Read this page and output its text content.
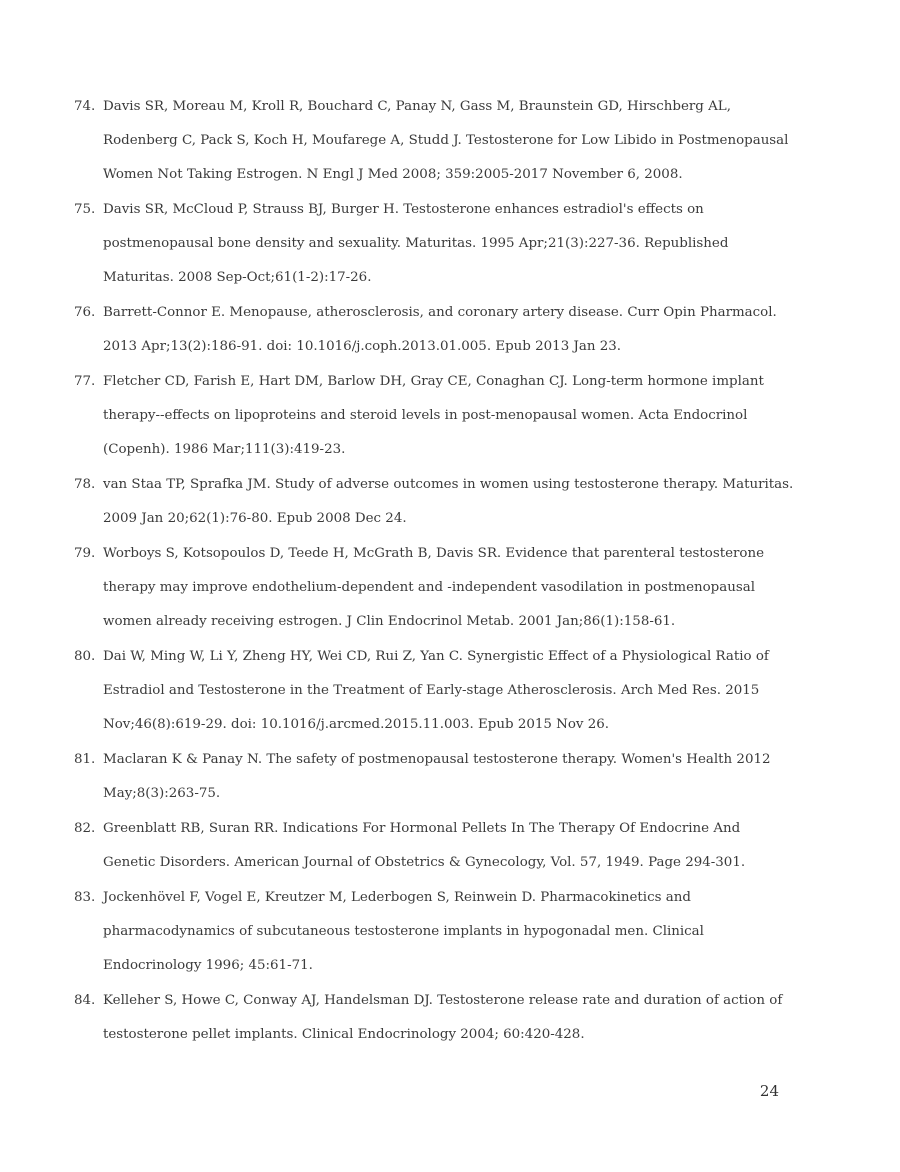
74. Davis SR, Moreau M, Kroll R, Bouchard C, Panay N, Gass M, Braunstein GD, Hirschberg AL, Rodenberg C, Pack S, Koch H, Moufarege A, Studd J. Testosterone for Low Libido in Postmenopausal Women Not Taking Estrogen. N Engl J Med 2008; 359:2005-2017 November 6, 2008.
75. Davis SR, McCloud P, Strauss BJ, Burger H. Testosterone enhances estradiol's effects on postmenopausal bone density and sexuality. Maturitas. 1995 Apr;21(3):227-36. Republished Maturitas. 2008 Sep-Oct;61(1-2):17-26.
76. Barrett-Connor E. Menopause, atherosclerosis, and coronary artery disease. Curr Opin Pharmacol. 2013 Apr;13(2):186-91. doi: 10.1016/j.coph.2013.01.005. Epub 2013 Jan 23.
77. Fletcher CD, Farish E, Hart DM, Barlow DH, Gray CE, Conaghan CJ. Long-term hormone implant therapy--effects on lipoproteins and steroid levels in post-menopausal women. Acta Endocrinol (Copenh). 1986 Mar;111(3):419-23.
78. van Staa TP, Sprafka JM. Study of adverse outcomes in women using testosterone therapy. Maturitas. 2009 Jan 20;62(1):76-80. Epub 2008 Dec 24.
79. Worboys S, Kotsopoulos D, Teede H, McGrath B, Davis SR. Evidence that parenteral testosterone therapy may improve endothelium-dependent and -independent vasodilation in postmenopausal women already receiving estrogen. J Clin Endocrinol Metab. 2001 Jan;86(1):158-61.
80. Dai W, Ming W, Li Y, Zheng HY, Wei CD, Rui Z, Yan C. Synergistic Effect of a Physiological Ratio of Estradiol and Testosterone in the Treatment of Early-stage Atherosclerosis. Arch Med Res. 2015 Nov;46(8):619-29. doi: 10.1016/j.arcmed.2015.11.003. Epub 2015 Nov 26.
81. Maclaran K & Panay N. The safety of postmenopausal testosterone therapy. Women's Health 2012 May;8(3):263-75.
82. Greenblatt RB, Suran RR. Indications For Hormonal Pellets In The Therapy Of Endocrine And Genetic Disorders. American Journal of Obstetrics & Gynecology, Vol. 57, 1949. Page 294-301.
83. Jockenhövel F, Vogel E, Kreutzer M, Lederbogen S, Reinwein D. Pharmacokinetics and pharmacodynamics of subcutaneous testosterone implants in hypogonadal men. Clinical Endocrinology 1996; 45:61-71.
84. Kelleher S, Howe C, Conway AJ, Handelsman DJ. Testosterone release rate and duration of action of testosterone pellet implants. Clinical Endocrinology 2004; 60:420-428.
24
